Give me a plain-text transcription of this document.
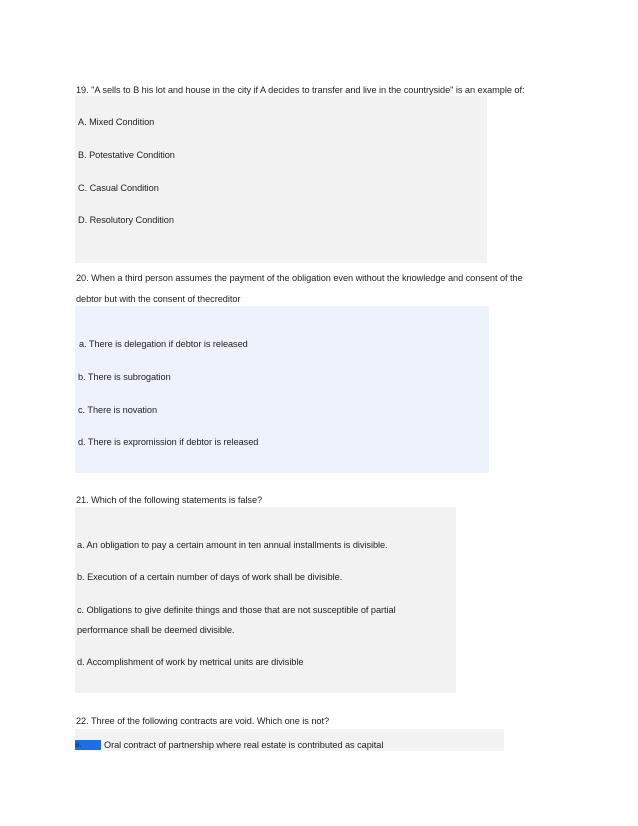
19. "A sells to B his lot and house in the city if A decides to transfer and live in the countryside" is an example of:
A. Mixed Condition
B. Potestative Condition
C. Casual Condition
D. Resolutory Condition
20. When a third person assumes the payment of the obligation even without the knowledge and consent of the
debtor but with the consent of thecreditor
a. There is delegation if debtor is released
b. There is subrogation
c. There is novation
d. There is expromission if debtor is released
21. Which of the following statements is false?
a. An obligation to pay a certain amount in ten annual installments is divisible.
b. Execution of a certain number of days of work shall be divisible.
c. Obligations to give definite things and those that are not susceptible of partial
performance shall be deemed divisible.
d. Accomplishment of work by metrical units are divisible
22. Three of the following contracts are void. Which one is not?
a.	Oral contract of partnership where real estate is contributed as capital
